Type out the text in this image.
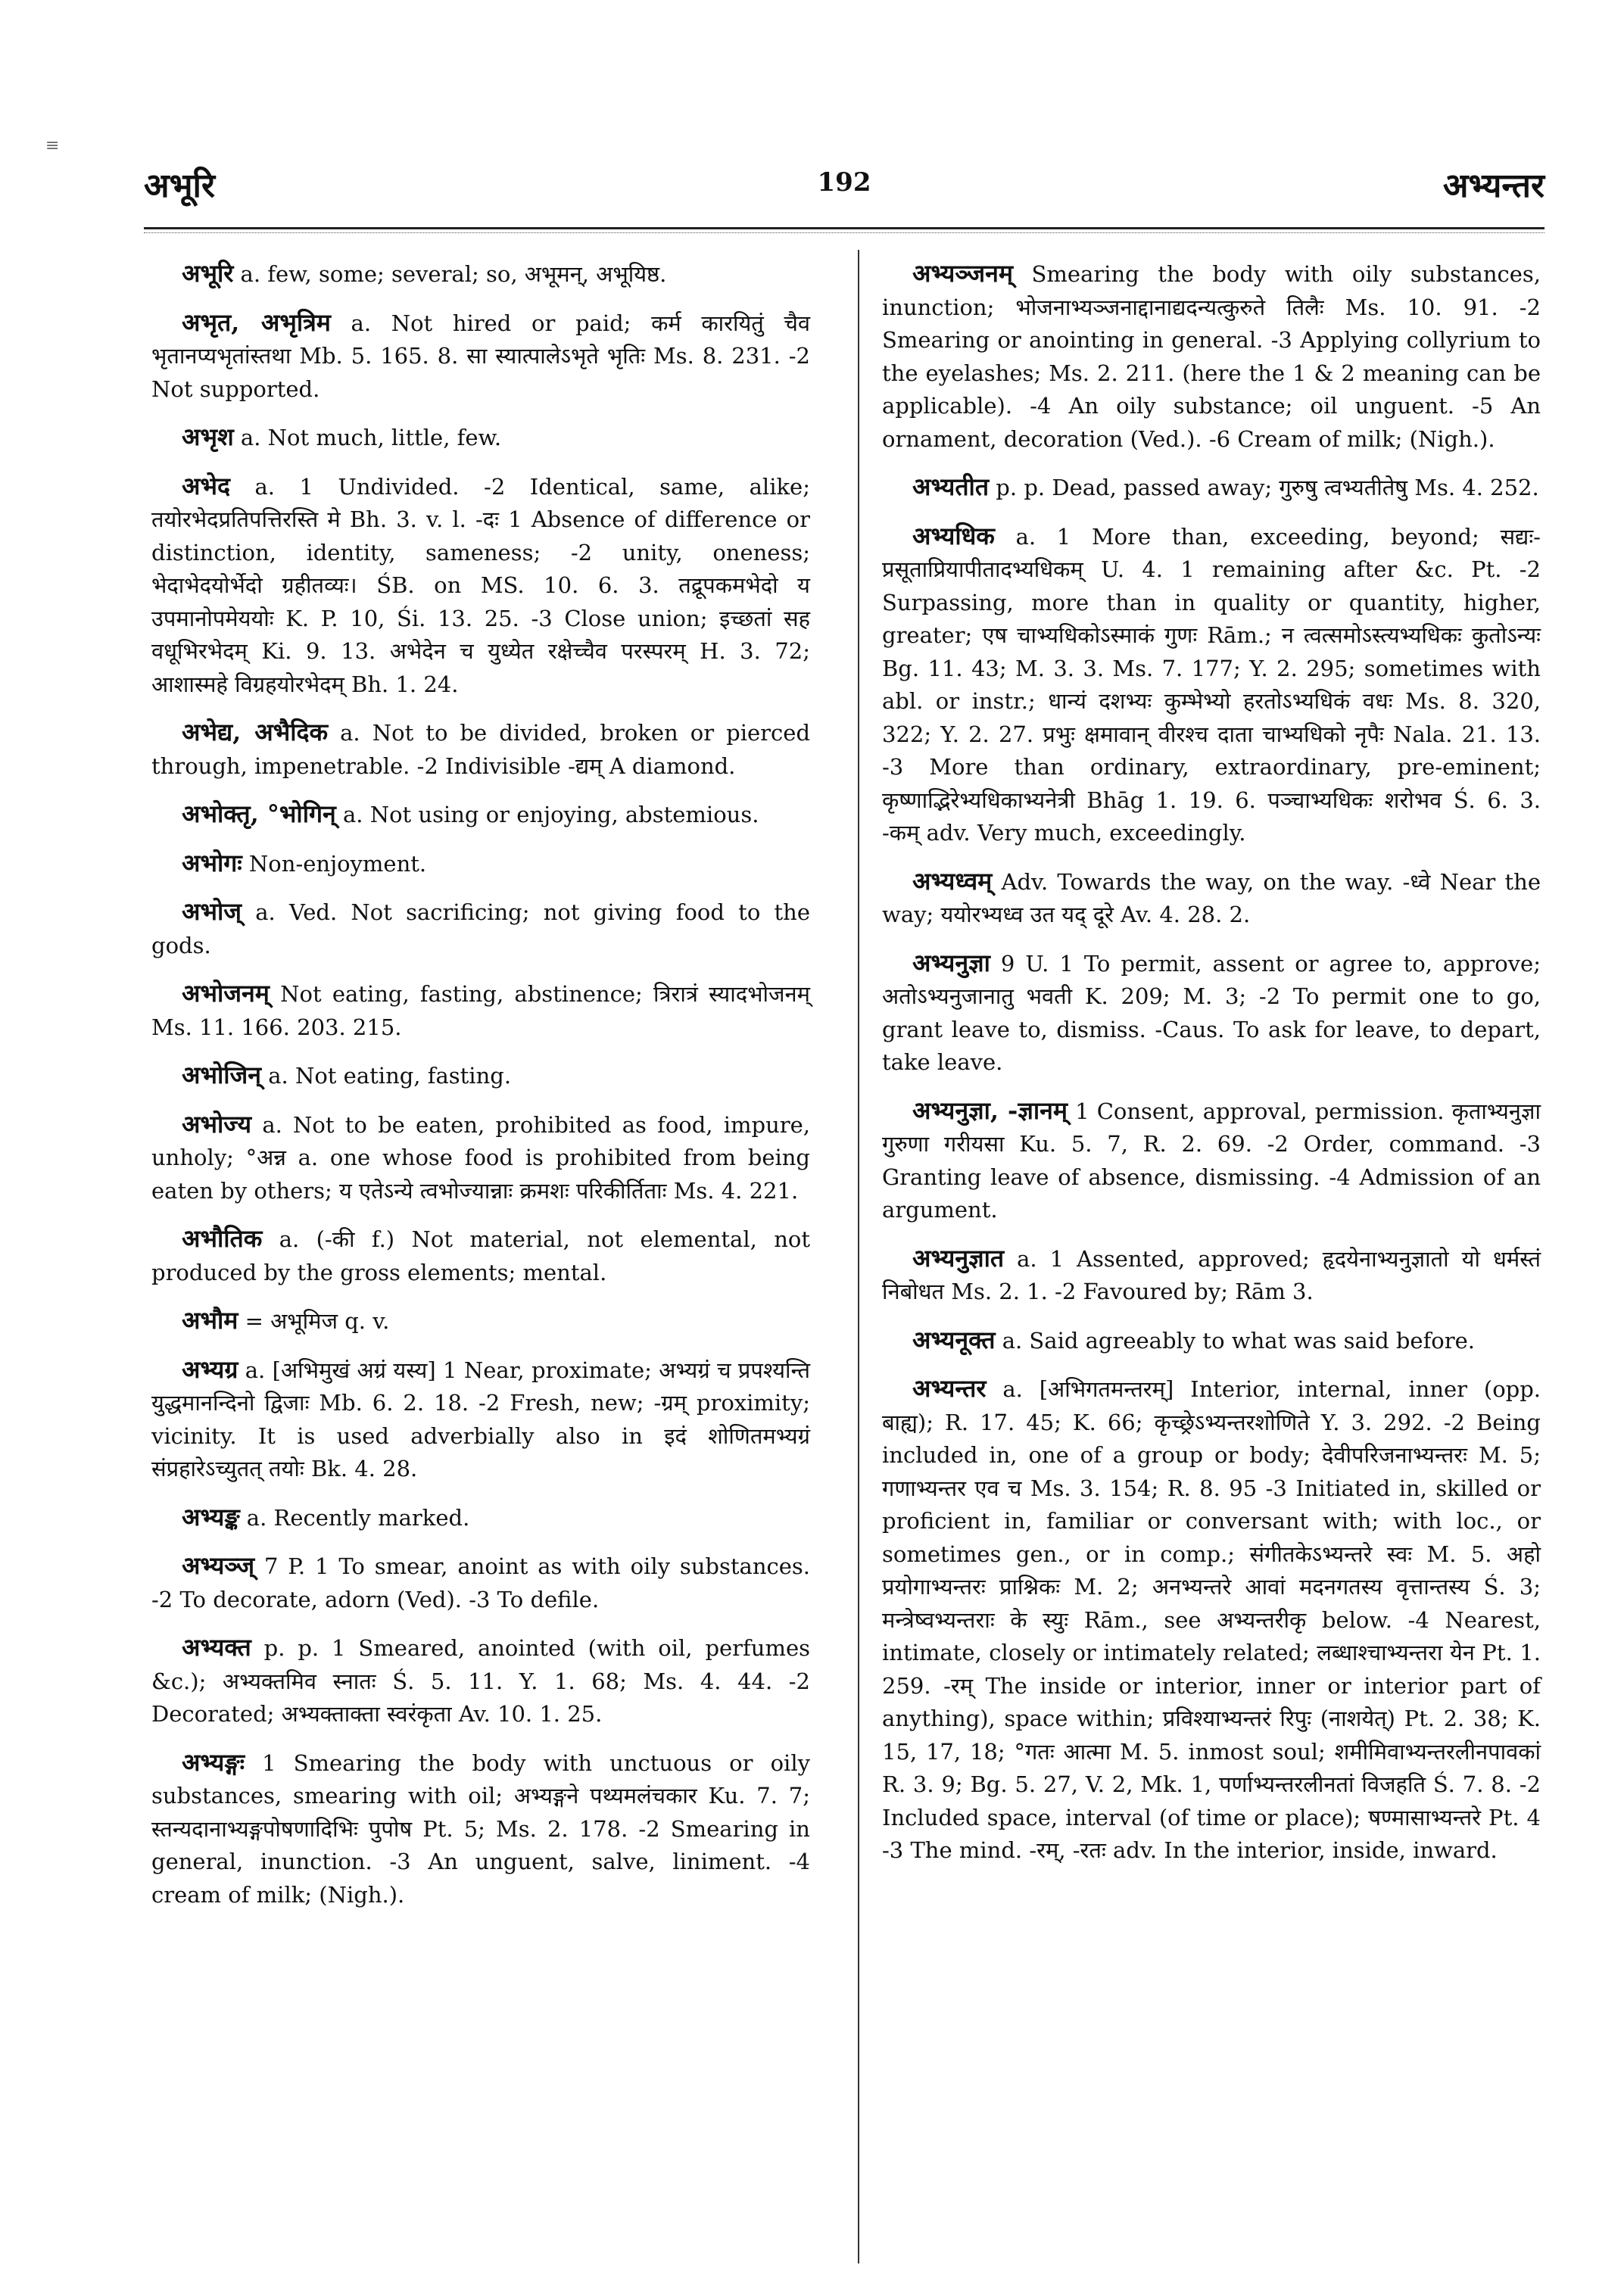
≡
अभूरि	192	अभ्यन्तर

अभूरि a. few, some; several; so, अभूमन्, अभूयिष्ठ.

अभृत, अभृत्रिम a. Not hired or paid; कर्म कारयितुं चैव भृतानप्यभृतांस्तथा Mb. 5. 165. 8. सा स्यात्पालेऽभृते भृतिः Ms. 8. 231. -2 Not supported.

अभृश a. Not much, little, few.

अभेद a. 1 Undivided. -2 Identical, same, alike; तयोरभेदप्रतिपत्तिरस्ति मे Bh. 3. v. l. -दः 1 Absence of difference or distinction, identity, sameness; -2 unity, oneness; भेदाभेदयोर्भेदो ग्रहीतव्यः। ŚB. on MS. 10. 6. 3. तद्रूपकमभेदो य उपमानोपमेययोः K. P. 10, Śi. 13. 25. -3 Close union; इच्छतां सह वधूभिरभेदम् Ki. 9. 13. अभेदेन च युध्येत रक्षेच्चैव परस्परम् H. 3. 72; आशास्महे विग्रहयोरभेदम् Bh. 1. 24.

अभेद्य, अभैदिक a. Not to be divided, broken or pierced through, impenetrable. -2 Indivisible -द्यम् A diamond.

अभोक्तृ, °भोगिन् a. Not using or enjoying, abstemious.

अभोगः Non-enjoyment.

अभोज् a. Ved. Not sacrificing; not giving food to the gods.

अभोजनम् Not eating, fasting, abstinence; त्रिरात्रं स्यादभोजनम् Ms. 11. 166. 203. 215.

अभोजिन् a. Not eating, fasting.

अभोज्य a. Not to be eaten, prohibited as food, impure, unholy; °अन्न a. one whose food is prohibited from being eaten by others; य एतेऽन्ये त्वभोज्यान्नाः क्रमशः परिकीर्तिताः Ms. 4. 221.

अभौतिक a. (-की f.) Not material, not elemental, not produced by the gross elements; mental.

अभौम = अभूमिज q. v.

अभ्यग्र a. [अभिमुखं अग्रं यस्य] 1 Near, proximate; अभ्यग्रं च प्रपश्यन्ति युद्धमानन्दिनो द्विजाः Mb. 6. 2. 18. -2 Fresh, new; -ग्रम् proximity; vicinity. It is used adverbially also in इदं शोणितमभ्यग्रं संप्रहारेऽच्युतत् तयोः Bk. 4. 28.

अभ्यङ्क a. Recently marked.

अभ्यञ्ज् 7 P. 1 To smear, anoint as with oily substances. -2 To decorate, adorn (Ved). -3 To defile.

अभ्यक्त p. p. 1 Smeared, anointed (with oil, perfumes &c.); अभ्यक्तमिव स्नातः Ś. 5. 11. Y. 1. 68; Ms. 4. 44. -2 Decorated; अभ्यक्ताक्ता स्वरंकृता Av. 10. 1. 25.

अभ्यङ्गः 1 Smearing the body with unctuous or oily substances, smearing with oil; अभ्यङ्गने पथ्यमलंचकार Ku. 7. 7; स्तन्यदानाभ्यङ्गपोषणादिभिः पुपोष Pt. 5; Ms. 2. 178. -2 Smearing in general, inunction. -3 An unguent, salve, liniment. -4 cream of milk; (Nigh.).

अभ्यञ्जनम् Smearing the body with oily substances, inunction; भोजनाभ्यञ्जनाद्दानाद्यदन्यत्कुरुते तिलैः Ms. 10. 91. -2 Smearing or anointing in general. -3 Applying collyrium to the eyelashes; Ms. 2. 211. (here the 1 & 2 meaning can be applicable). -4 An oily substance; oil unguent. -5 An ornament, decoration (Ved.). -6 Cream of milk; (Nigh.).

अभ्यतीत p. p. Dead, passed away; गुरुषु त्वभ्यतीतेषु Ms. 4. 252.

अभ्यधिक a. 1 More than, exceeding, beyond; सद्यः-प्रसूताप्रियापीतादभ्यधिकम् U. 4. 1 remaining after &c. Pt. -2 Surpassing, more than in quality or quantity, higher, greater; एष चाभ्यधिकोऽस्माकं गुणः Rām.; न त्वत्समोऽस्त्यभ्यधिकः कुतोऽन्यः Bg. 11. 43; M. 3. 3. Ms. 7. 177; Y. 2. 295; sometimes with abl. or instr.; धान्यं दशभ्यः कुम्भेभ्यो हरतोऽभ्यधिकं वधः Ms. 8. 320, 322; Y. 2. 27. प्रभुः क्षमावान् वीरश्च दाता चाभ्यधिको नृपैः Nala. 21. 13. -3 More than ordinary, extraordinary, pre-eminent; कृष्णाद्भिरेभ्यधिकाभ्यनेत्री Bhāg 1. 19. 6. पञ्चाभ्यधिकः शरोभव Ś. 6. 3. -कम् adv. Very much, exceedingly.

अभ्यध्वम् Adv. Towards the way, on the way. -ध्वे Near the way; ययोरभ्यध्व उत यद् दूरे Av. 4. 28. 2.

अभ्यनुज्ञा 9 U. 1 To permit, assent or agree to, approve; अतोऽभ्यनुजानातु भवती K. 209; M. 3; -2 To permit one to go, grant leave to, dismiss. -Caus. To ask for leave, to depart, take leave.

अभ्यनुज्ञा, -ज्ञानम् 1 Consent, approval, permission. कृताभ्यनुज्ञा गुरुणा गरीयसा Ku. 5. 7, R. 2. 69. -2 Order, command. -3 Granting leave of absence, dismissing. -4 Admission of an argument.

अभ्यनुज्ञात a. 1 Assented, approved; हृदयेनाभ्यनुज्ञातो यो धर्मस्तं निबोधत Ms. 2. 1. -2 Favoured by; Rām 3.

अभ्यनूक्त a. Said agreeably to what was said before.

अभ्यन्तर a. [अभिगतमन्तरम्] Interior, internal, inner (opp. बाह्य); R. 17. 45; K. 66; कृच्छ्रेऽभ्यन्तरशोणिते Y. 3. 292. -2 Being included in, one of a group or body; देवीपरिजनाभ्यन्तरः M. 5; गणाभ्यन्तर एव च Ms. 3. 154; R. 8. 95 -3 Initiated in, skilled or proficient in, familiar or conversant with; with loc., or sometimes gen., or in comp.; संगीतकेऽभ्यन्तरे स्वः M. 5. अहो प्रयोगाभ्यन्तरः प्राश्निकः M. 2; अनभ्यन्तरे आवां मदनगतस्य वृत्तान्तस्य Ś. 3; मन्त्रेष्वभ्यन्तराः के स्युः Rām., see अभ्यन्तरीकृ below. -4 Nearest, intimate, closely or intimately related; लब्धाश्चाभ्यन्तरा येन Pt. 1. 259. -रम् The inside or interior, inner or interior part of anything), space within; प्रविश्याभ्यन्तरं रिपुः (नाशयेत्) Pt. 2. 38; K. 15, 17, 18; °गतः आत्मा M. 5. inmost soul; शमीमिवाभ्यन्तरलीनपावकां R. 3. 9; Bg. 5. 27, V. 2, Mk. 1, पर्णाभ्यन्तरलीनतां विजहति Ś. 7. 8. -2 Included space, interval (of time or place); षण्मासाभ्यन्तरे Pt. 4 -3 The mind. -रम्, -रतः adv. In the interior, inside, inward.
